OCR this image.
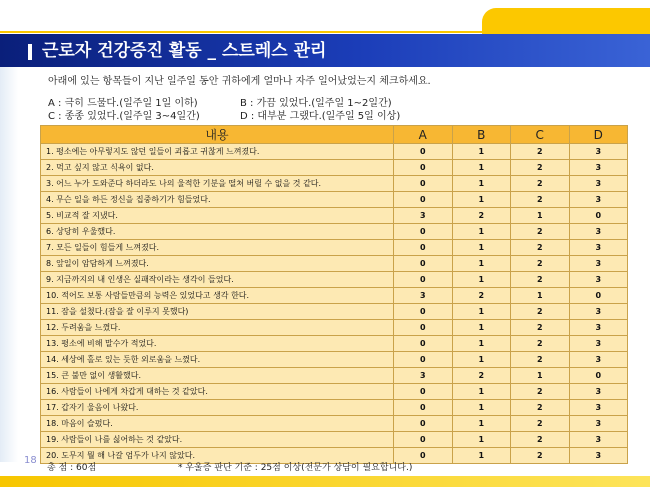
근로자 건강증진 활동 _ 스트레스 관리
아래에 있는 항목들이 지난 일주일 동안 귀하에게 얼마나 자주 일어났었는지 체크하세요.
A : 극히 드물다.(일주일 1일 이하)	B : 가끔 있었다.(일주일 1~2일간)
C : 종종 있었다.(일주일 3~4일간)	D : 대부분 그랬다.(일주일 5일 이상)
내용	A	B	C	D
1. 평소에는 아무렇지도 않던 일들이 괴롭고 귀찮게 느껴졌다.	0	1	2	3
2. 먹고 싶지 않고 식욕이 없다.	0	1	2	3
3. 어느 누가 도와준다 하더라도 나의 울적한 기분을 떨쳐 버릴 수 없을 것 같다.	0	1	2	3
4. 무슨 일을 하든 정신을 집중하기가 힘들었다.	0	1	2	3
5. 비교적 잘 지냈다.	3	2	1	0
6. 상당히 우울했다.	0	1	2	3
7. 모든 일들이 힘들게 느껴졌다.	0	1	2	3
8. 앞일이 암담하게 느껴졌다.	0	1	2	3
9. 지금까지의 내 인생은 실패작이라는 생각이 들었다.	0	1	2	3
10. 적어도 보통 사람들만큼의 능력은 있었다고 생각 한다.	3	2	1	0
11. 잠을 설쳤다.(잠을 잘 이루지 못했다)	0	1	2	3
12. 두려움을 느꼈다.	0	1	2	3
13. 평소에 비해 말수가 적었다.	0	1	2	3
14. 세상에 홀로 있는 듯한 외로움을 느꼈다.	0	1	2	3
15. 큰 불만 없이 생활했다.	3	2	1	0
16. 사람들이 나에게 차갑게 대하는 것 같았다.	0	1	2	3
17. 갑자기 울음이 나왔다.	0	1	2	3
18. 마음이 슬펐다.	0	1	2	3
19. 사람들이 나를 싫어하는 것 같았다.	0	1	2	3
20. 도무지 뭘 해 나갈 엄두가 나지 않았다.	0	1	2	3
18
총 점 : 60점	* 우울증 판단 기준 : 25점 이상(전문가 상담이 필요합니다.)
